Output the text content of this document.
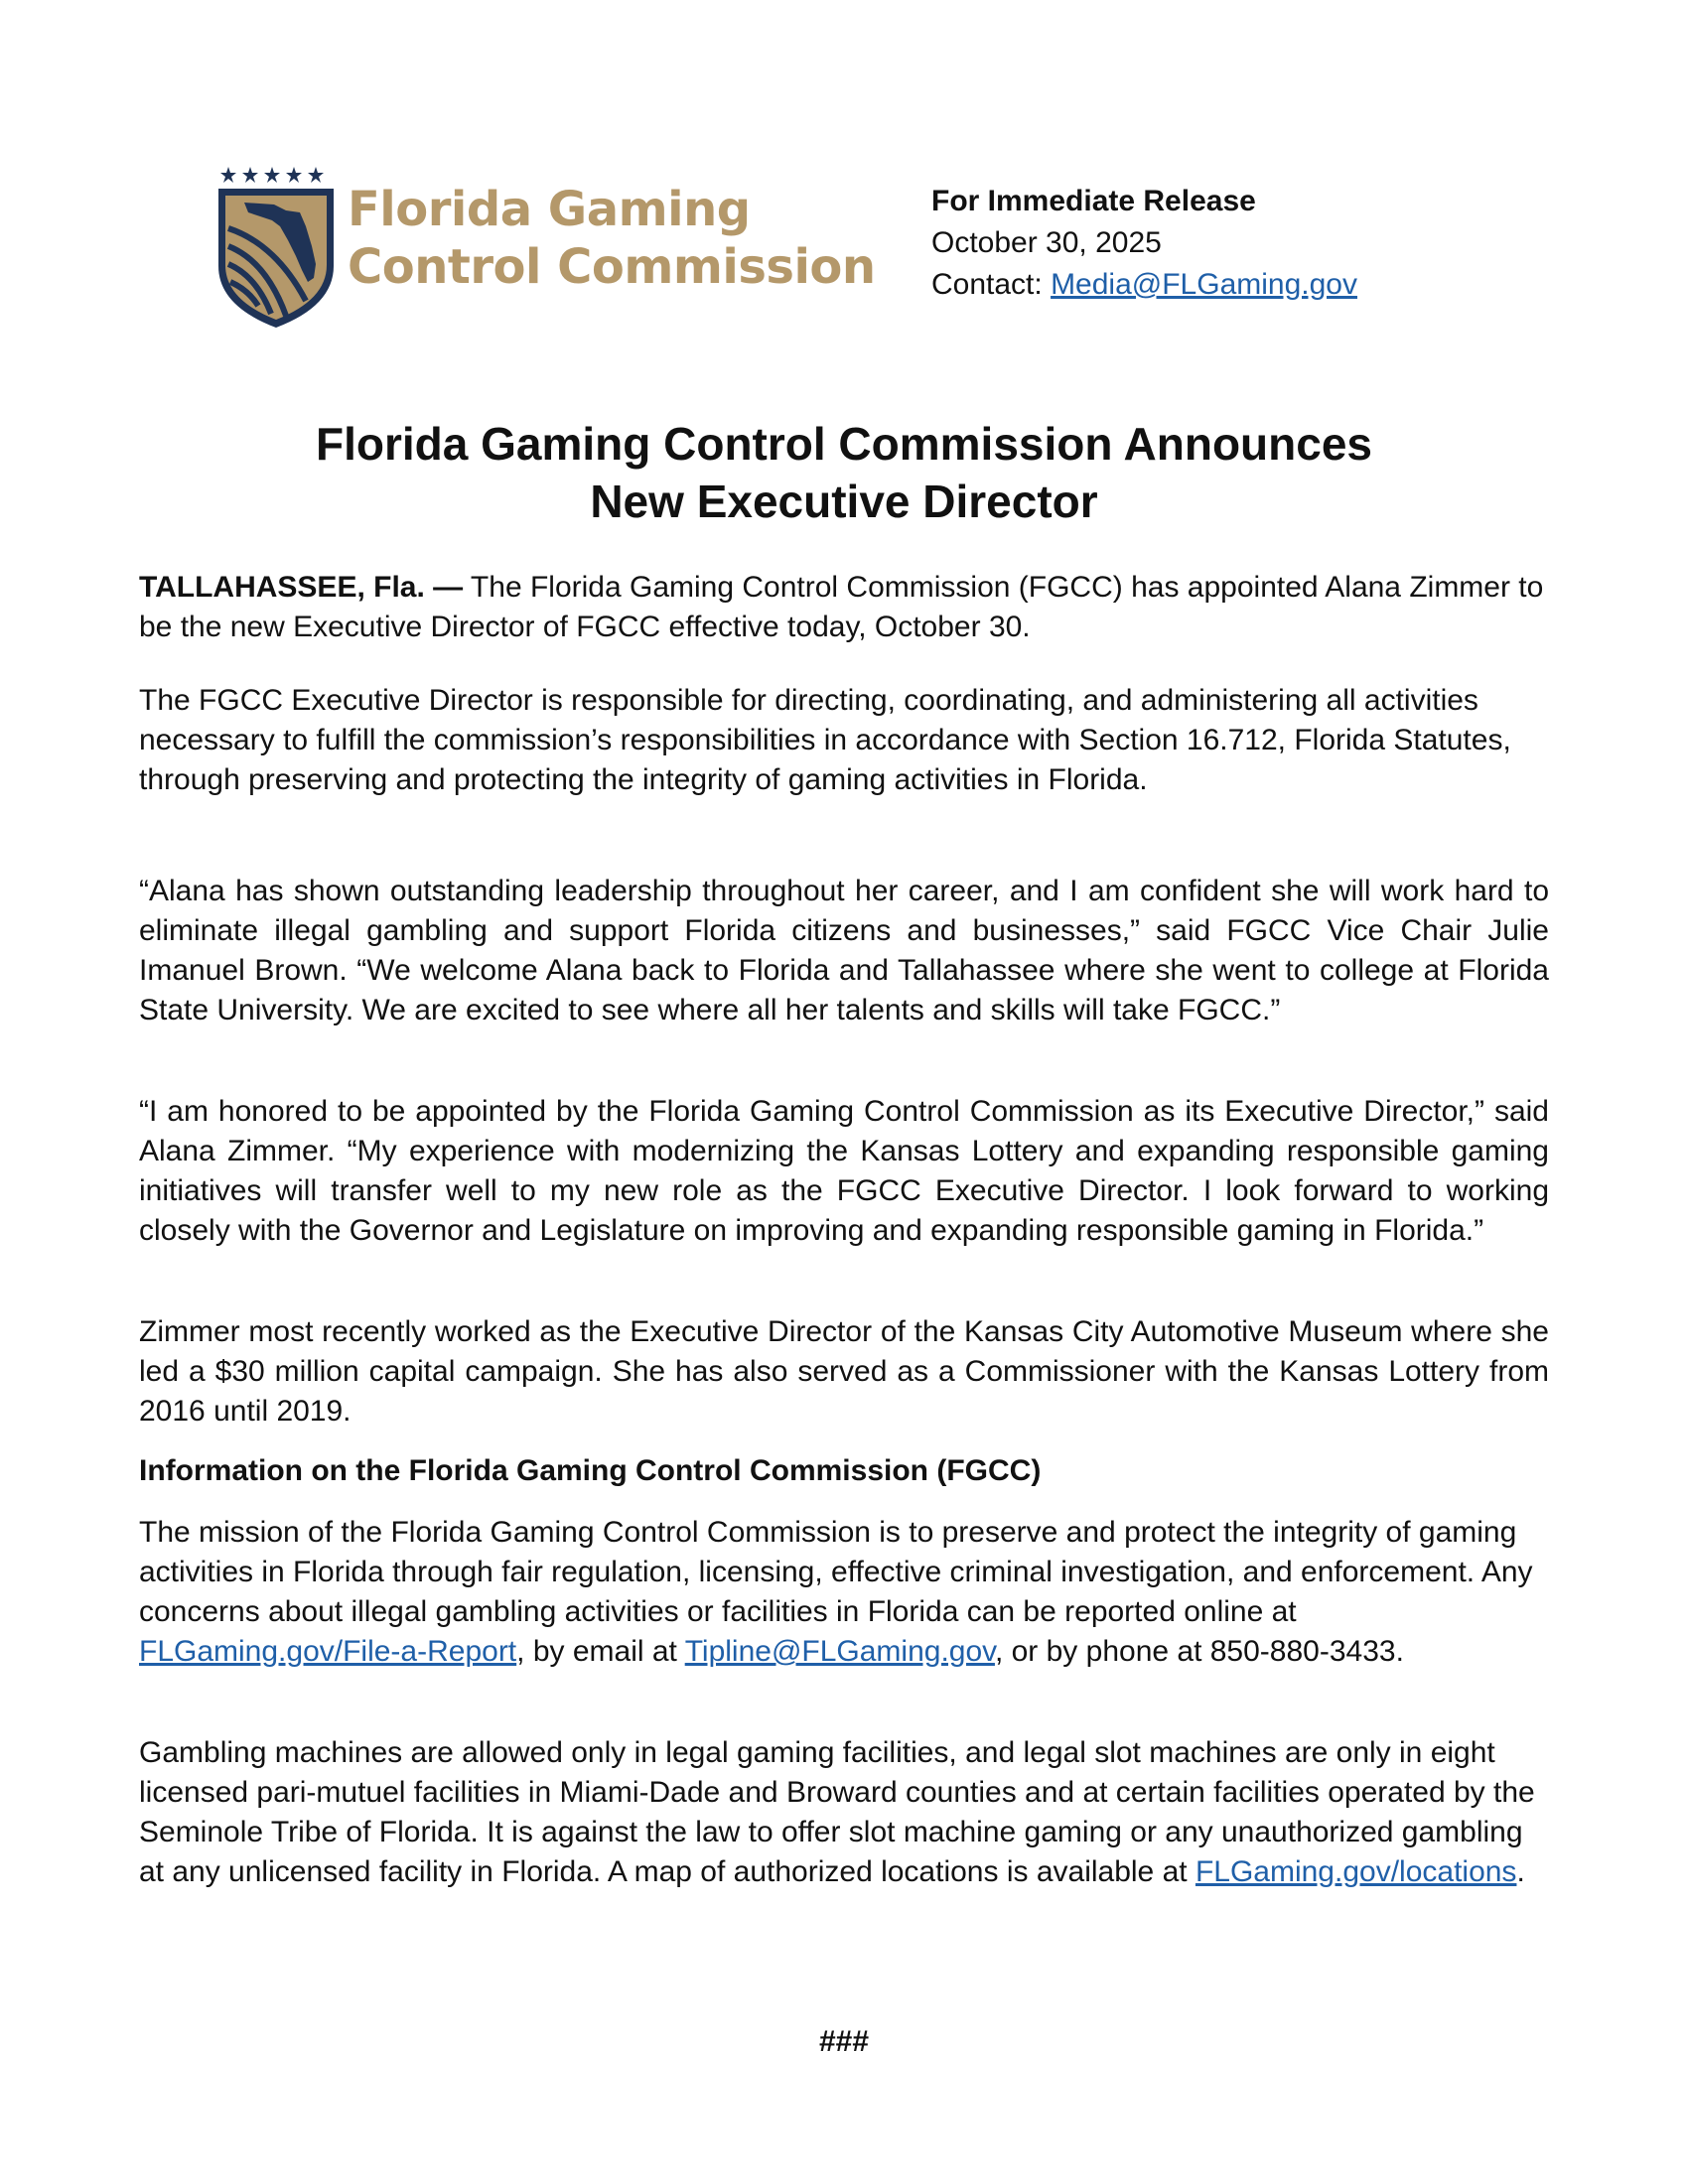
Florida Gaming
Control Commission
For Immediate Release
October 30, 2025
Contact: Media@FLGaming.gov
Florida Gaming Control Commission Announces
New Executive Director
TALLAHASSEE, Fla. — The Florida Gaming Control Commission (FGCC) has appointed Alana Zimmer to be the new Executive Director of FGCC effective today, October 30.
The FGCC Executive Director is responsible for directing, coordinating, and administering all activities necessary to fulfill the commission’s responsibilities in accordance with Section 16.712, Florida Statutes, through preserving and protecting the integrity of gaming activities in Florida.
“Alana has shown outstanding leadership throughout her career, and I am confident she will work hard to eliminate illegal gambling and support Florida citizens and businesses,” said FGCC Vice Chair Julie Imanuel Brown. “We welcome Alana back to Florida and Tallahassee where she went to college at Florida State University. We are excited to see where all her talents and skills will take FGCC.”
“I am honored to be appointed by the Florida Gaming Control Commission as its Executive Director,” said Alana Zimmer. “My experience with modernizing the Kansas Lottery and expanding responsible gaming initiatives will transfer well to my new role as the FGCC Executive Director. I look forward to working closely with the Governor and Legislature on improving and expanding responsible gaming in Florida.”
Zimmer most recently worked as the Executive Director of the Kansas City Automotive Museum where she led a $30 million capital campaign. She has also served as a Commissioner with the Kansas Lottery from 2016 until 2019.
Information on the Florida Gaming Control Commission (FGCC)
The mission of the Florida Gaming Control Commission is to preserve and protect the integrity of gaming activities in Florida through fair regulation, licensing, effective criminal investigation, and enforcement. Any concerns about illegal gambling activities or facilities in Florida can be reported online at FLGaming.gov/File-a-Report, by email at Tipline@FLGaming.gov, or by phone at 850-880-3433.
Gambling machines are allowed only in legal gaming facilities, and legal slot machines are only in eight licensed pari-mutuel facilities in Miami-Dade and Broward counties and at certain facilities operated by the Seminole Tribe of Florida. It is against the law to offer slot machine gaming or any unauthorized gambling at any unlicensed facility in Florida. A map of authorized locations is available at FLGaming.gov/locations.
###
